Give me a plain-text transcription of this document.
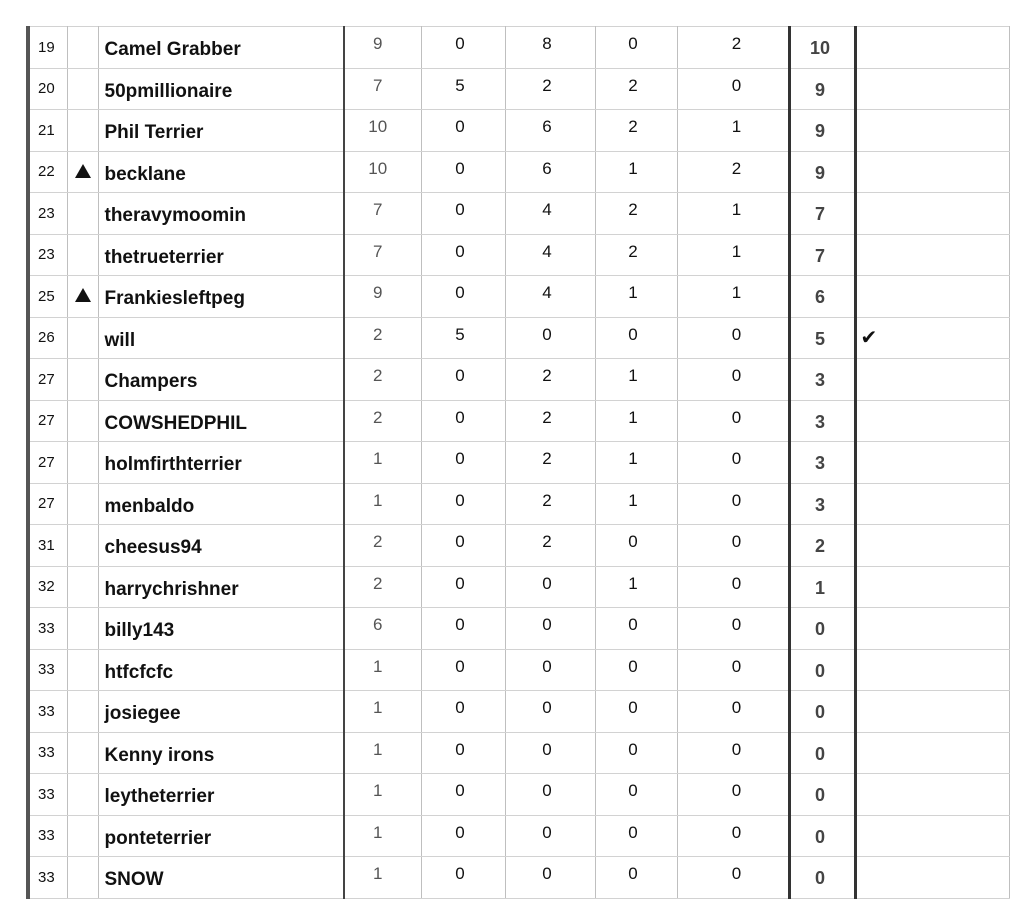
19		Camel Grabber	9	0	8	0	2	10	
20		50pmillionaire	7	5	2	2	0	9	
21		Phil Terrier	10	0	6	2	1	9	
22		becklane	10	0	6	1	2	9	
23		theravymoomin	7	0	4	2	1	7	
23		thetrueterrier	7	0	4	2	1	7	
25		Frankiesleftpeg	9	0	4	1	1	6	
26		will	2	5	0	0	0	5	✔
27		Champers	2	0	2	1	0	3	
27		COWSHEDPHIL	2	0	2	1	0	3	
27		holmfirthterrier	1	0	2	1	0	3	
27		menbaldo	1	0	2	1	0	3	
31		cheesus94	2	0	2	0	0	2	
32		harrychrishner	2	0	0	1	0	1	
33		billy143	6	0	0	0	0	0	
33		htfcfcfc	1	0	0	0	0	0	
33		josiegee	1	0	0	0	0	0	
33		Kenny irons	1	0	0	0	0	0	
33		leytheterrier	1	0	0	0	0	0	
33		ponteterrier	1	0	0	0	0	0	
33		SNOW	1	0	0	0	0	0	
